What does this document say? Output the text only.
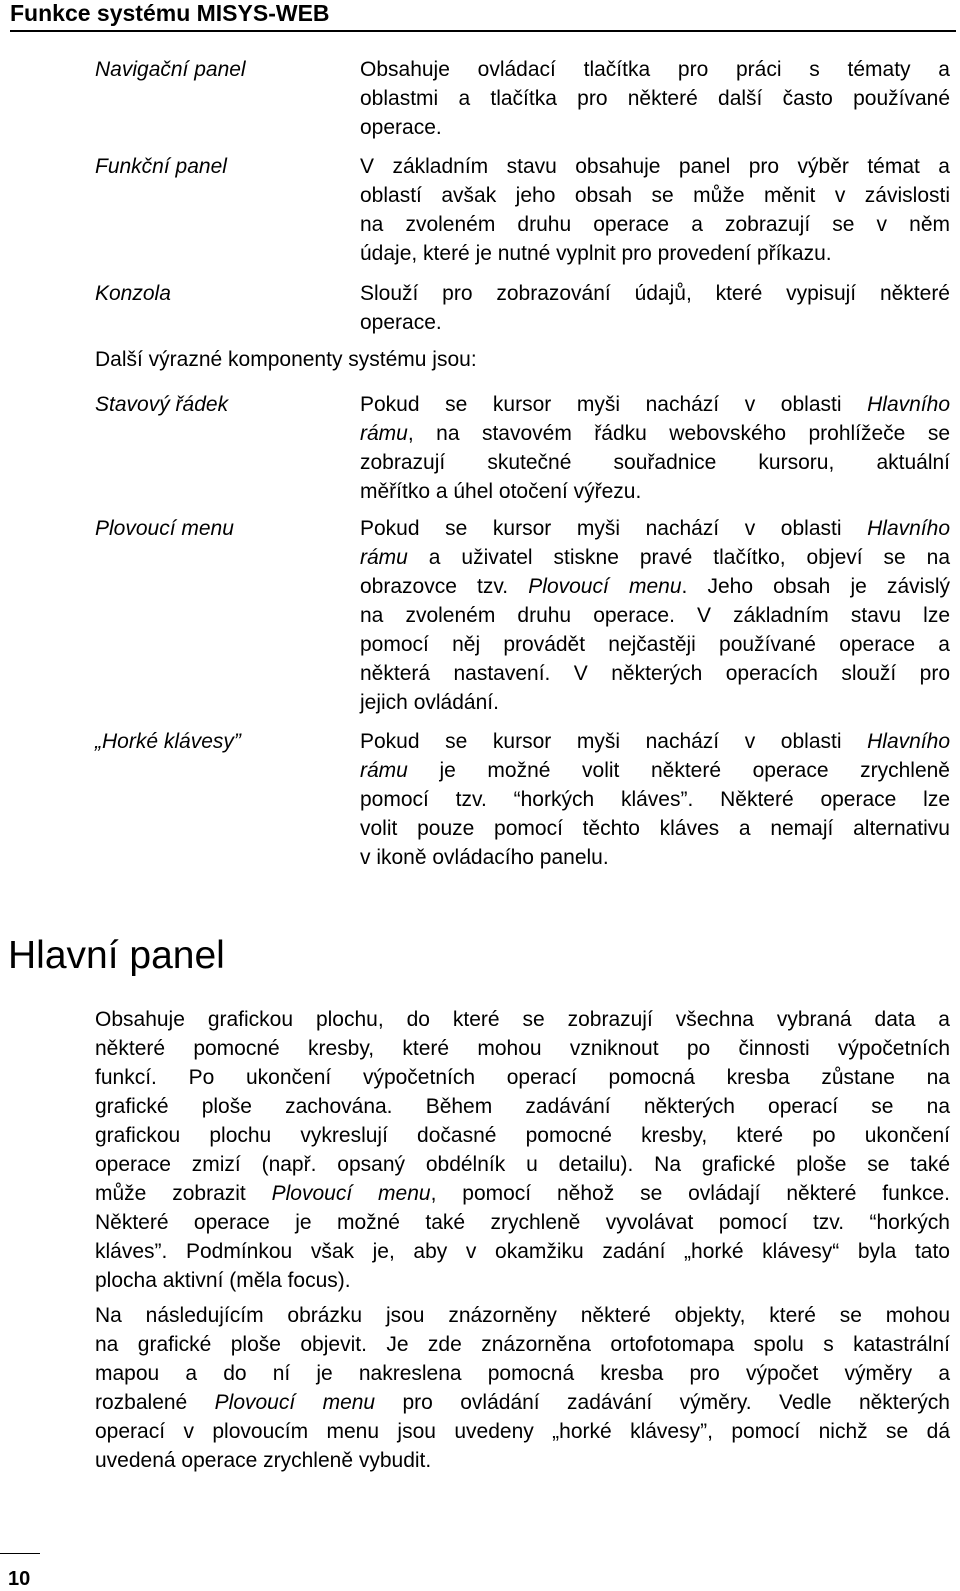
Funkce systému MISYS-WEB
Navigační panel	Obsahuje ovládací tlačítka pro práci s tématy a
oblastmi a tlačítka pro některé další často používané
operace.
Funkční panel	V základním stavu obsahuje panel pro výběr témat a
oblastí avšak jeho obsah se může měnit v závislosti
na zvoleném druhu operace a zobrazují se v něm
údaje, které je nutné vyplnit pro provedení příkazu.
Konzola	Slouží pro zobrazování údajů, které vypisují některé
operace.
Další výrazné komponenty systému jsou:
Stavový řádek	Pokud se kursor myši nachází v oblasti Hlavního
rámu, na stavovém řádku webovského prohlížeče se
zobrazují skutečné souřadnice kursoru, aktuální
měřítko a úhel otočení výřezu.
Plovoucí menu	Pokud se kursor myši nachází v oblasti Hlavního
rámu a uživatel stiskne pravé tlačítko, objeví se na
obrazovce tzv. Plovoucí menu. Jeho obsah je závislý
na zvoleném druhu operace. V základním stavu lze
pomocí něj provádět nejčastěji používané operace a
některá nastavení. V některých operacích slouží pro
jejich ovládání.
„Horké klávesy”	Pokud se kursor myši nachází v oblasti Hlavního
rámu je možné volit některé operace zrychleně
pomocí tzv. “horkých kláves”. Některé operace lze
volit pouze pomocí těchto kláves a nemají alternativu
v ikoně ovládacího panelu.
Hlavní panel
Obsahuje grafickou plochu, do které se zobrazují všechna vybraná data a
některé pomocné kresby, které mohou vzniknout po činnosti výpočetních
funkcí. Po ukončení výpočetních operací pomocná kresba zůstane na
grafické ploše zachována. Během zadávání některých operací se na
grafickou plochu vykreslují dočasné pomocné kresby, které po ukončení
operace zmizí (např. opsaný obdélník u detailu). Na grafické ploše se také
může zobrazit Plovoucí menu, pomocí něhož se ovládají některé funkce.
Některé operace je možné také zrychleně vyvolávat pomocí tzv. “horkých
kláves”. Podmínkou však je, aby v okamžiku zadání „horké klávesy“ byla tato
plocha aktivní (měla focus).
Na následujícím obrázku jsou znázorněny některé objekty, které se mohou
na grafické ploše objevit. Je zde znázorněna ortofotomapa spolu s katastrální
mapou a do ní je nakreslena pomocná kresba pro výpočet výměry a
rozbalené Plovoucí menu pro ovládání zadávání výměry. Vedle některých
operací v plovoucím menu jsou uvedeny „horké klávesy”, pomocí nichž se dá
uvedená operace zrychleně vybudit.
10
